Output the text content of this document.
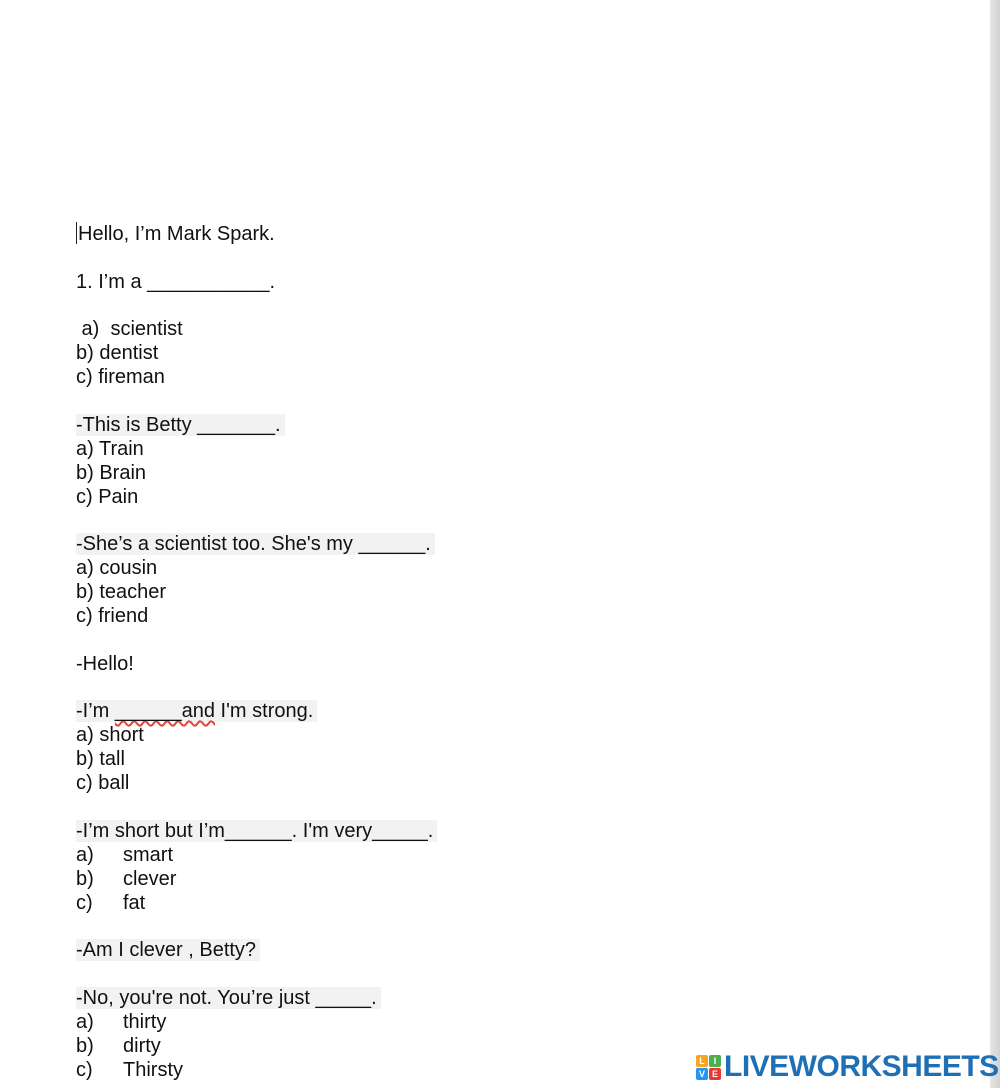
Hello, I’m Mark Spark.
1. I’m a ___________.
a)  scientist
b) dentist
c) fireman
-This is Betty _______.
a) Train
b) Brain
c) Pain
-She’s a scientist too. She's my ______.
a) cousin
b) teacher
c) friend
-Hello!
-I’m ______and I'm strong.
a) short
b) tall
c) ball
-I’m short but I’m______. I'm very_____.
a) smart
b) clever
c) fat
-Am I clever , Betty?
-No, you're not. You’re just _____.
a) thirty
b) dirty
c) Thirsty	L I
V E LIVEWORKSHEETS
